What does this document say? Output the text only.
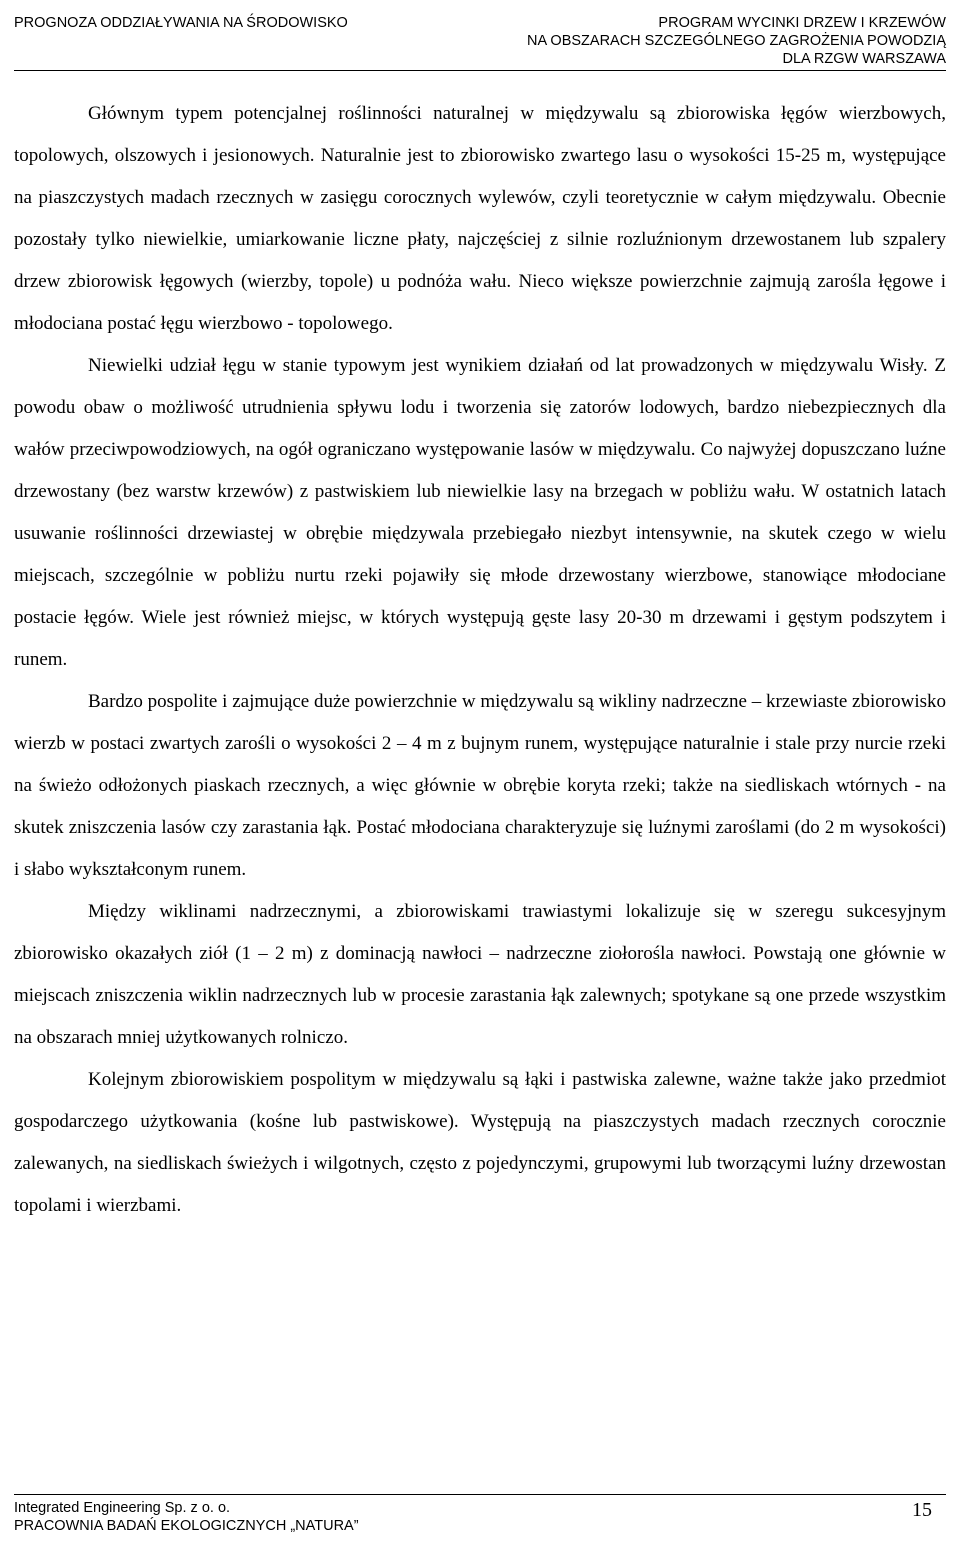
PROGNOZA ODDZIAŁYWANIA NA ŚRODOWISKO	PROGRAM WYCINKI DRZEW I KRZEWÓW
NA OBSZARACH SZCZEGÓLNEGO ZAGROŻENIA POWODZIĄ
DLA RZGW WARSZAWA

Głównym typem potencjalnej roślinności naturalnej w międzywalu są zbiorowiska łęgów wierzbowych, topolowych, olszowych i jesionowych. Naturalnie jest to zbiorowisko zwartego lasu o wysokości 15-25 m, występujące na piaszczystych madach rzecznych w zasięgu corocznych wylewów, czyli teoretycznie w całym międzywalu. Obecnie pozostały tylko niewielkie, umiarkowanie liczne płaty, najczęściej z silnie rozluźnionym drzewostanem lub szpalery drzew zbiorowisk łęgowych (wierzby, topole) u podnóża wału. Nieco większe powierzchnie zajmują zarośla łęgowe i młodociana postać łęgu wierzbowo - topolowego.

Niewielki udział łęgu w stanie typowym jest wynikiem działań od lat prowadzonych w międzywalu Wisły. Z powodu obaw o możliwość utrudnienia spływu lodu i tworzenia się zatorów lodowych, bardzo niebezpiecznych dla wałów przeciwpowodziowych, na ogół ograniczano występowanie lasów w międzywalu. Co najwyżej dopuszczano luźne drzewostany (bez warstw krzewów) z pastwiskiem lub niewielkie lasy na brzegach w pobliżu wału. W ostatnich latach usuwanie roślinności drzewiastej w obrębie międzywala przebiegało niezbyt intensywnie, na skutek czego w wielu miejscach, szczególnie w pobliżu nurtu rzeki pojawiły się młode drzewostany wierzbowe, stanowiące młodociane postacie łęgów. Wiele jest również miejsc, w których występują gęste lasy 20-30 m drzewami i gęstym podszytem i runem.

Bardzo pospolite i zajmujące duże powierzchnie w międzywalu są wikliny nadrzeczne – krzewiaste zbiorowisko wierzb w postaci zwartych zarośli o wysokości 2 – 4 m z bujnym runem, występujące naturalnie i stale przy nurcie rzeki na świeżo odłożonych piaskach rzecznych, a więc głównie w obrębie koryta rzeki; także na siedliskach wtórnych - na skutek zniszczenia lasów czy zarastania łąk. Postać młodociana charakteryzuje się luźnymi zaroślami (do 2 m wysokości) i słabo wykształconym runem.

Między wiklinami nadrzecznymi, a zbiorowiskami trawiastymi lokalizuje się w szeregu sukcesyjnym zbiorowisko okazałych ziół (1 – 2 m) z dominacją nawłoci – nadrzeczne ziołorośla nawłoci. Powstają one głównie w miejscach zniszczenia wiklin nadrzecznych lub w procesie zarastania łąk zalewnych; spotykane są one przede wszystkim na obszarach mniej użytkowanych rolniczo.

Kolejnym zbiorowiskiem pospolitym w międzywalu są łąki i pastwiska zalewne, ważne także jako przedmiot gospodarczego użytkowania (kośne lub pastwiskowe). Występują na piaszczystych madach rzecznych corocznie zalewanych, na siedliskach świeżych i wilgotnych, często z pojedynczymi, grupowymi lub tworzącymi luźny drzewostan topolami i wierzbami.

Integrated Engineering Sp. z o. o.
PRACOWNIA BADAŃ EKOLOGICZNYCH „NATURA”
15
